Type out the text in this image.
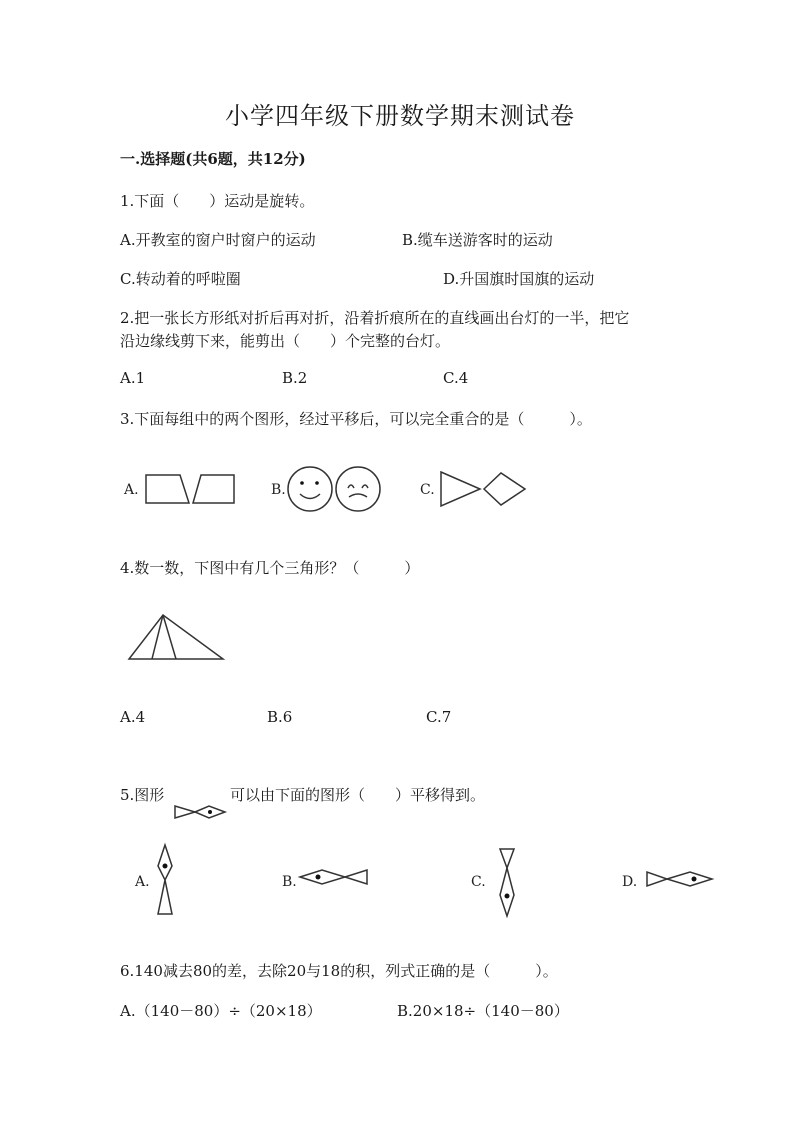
小学四年级下册数学期末测试卷
一.选择题(共6题，共12分)
1.下面（　　）运动是旋转。
A.开教室的窗户时窗户的运动	B.缆车送游客时的运动
C.转动着的呼啦圈	D.升国旗时国旗的运动
2.把一张长方形纸对折后再对折，沿着折痕所在的直线画出台灯的一半，把它
沿边缘线剪下来，能剪出（　　）个完整的台灯。
A.1	B.2	C.4
3.下面每组中的两个图形，经过平移后，可以完全重合的是（　　　）。
A.	B.	C.
4.数一数，下图中有几个三角形？（　　　）
A.4	B.6	C.7
5.图形	可以由下面的图形（　　）平移得到。
A.	B.	C.	D.
6.140减去80的差，去除20与18的积，列式正确的是（　　　）。
A.（140－80）÷（20×18）	B.20×18÷（140－80）
